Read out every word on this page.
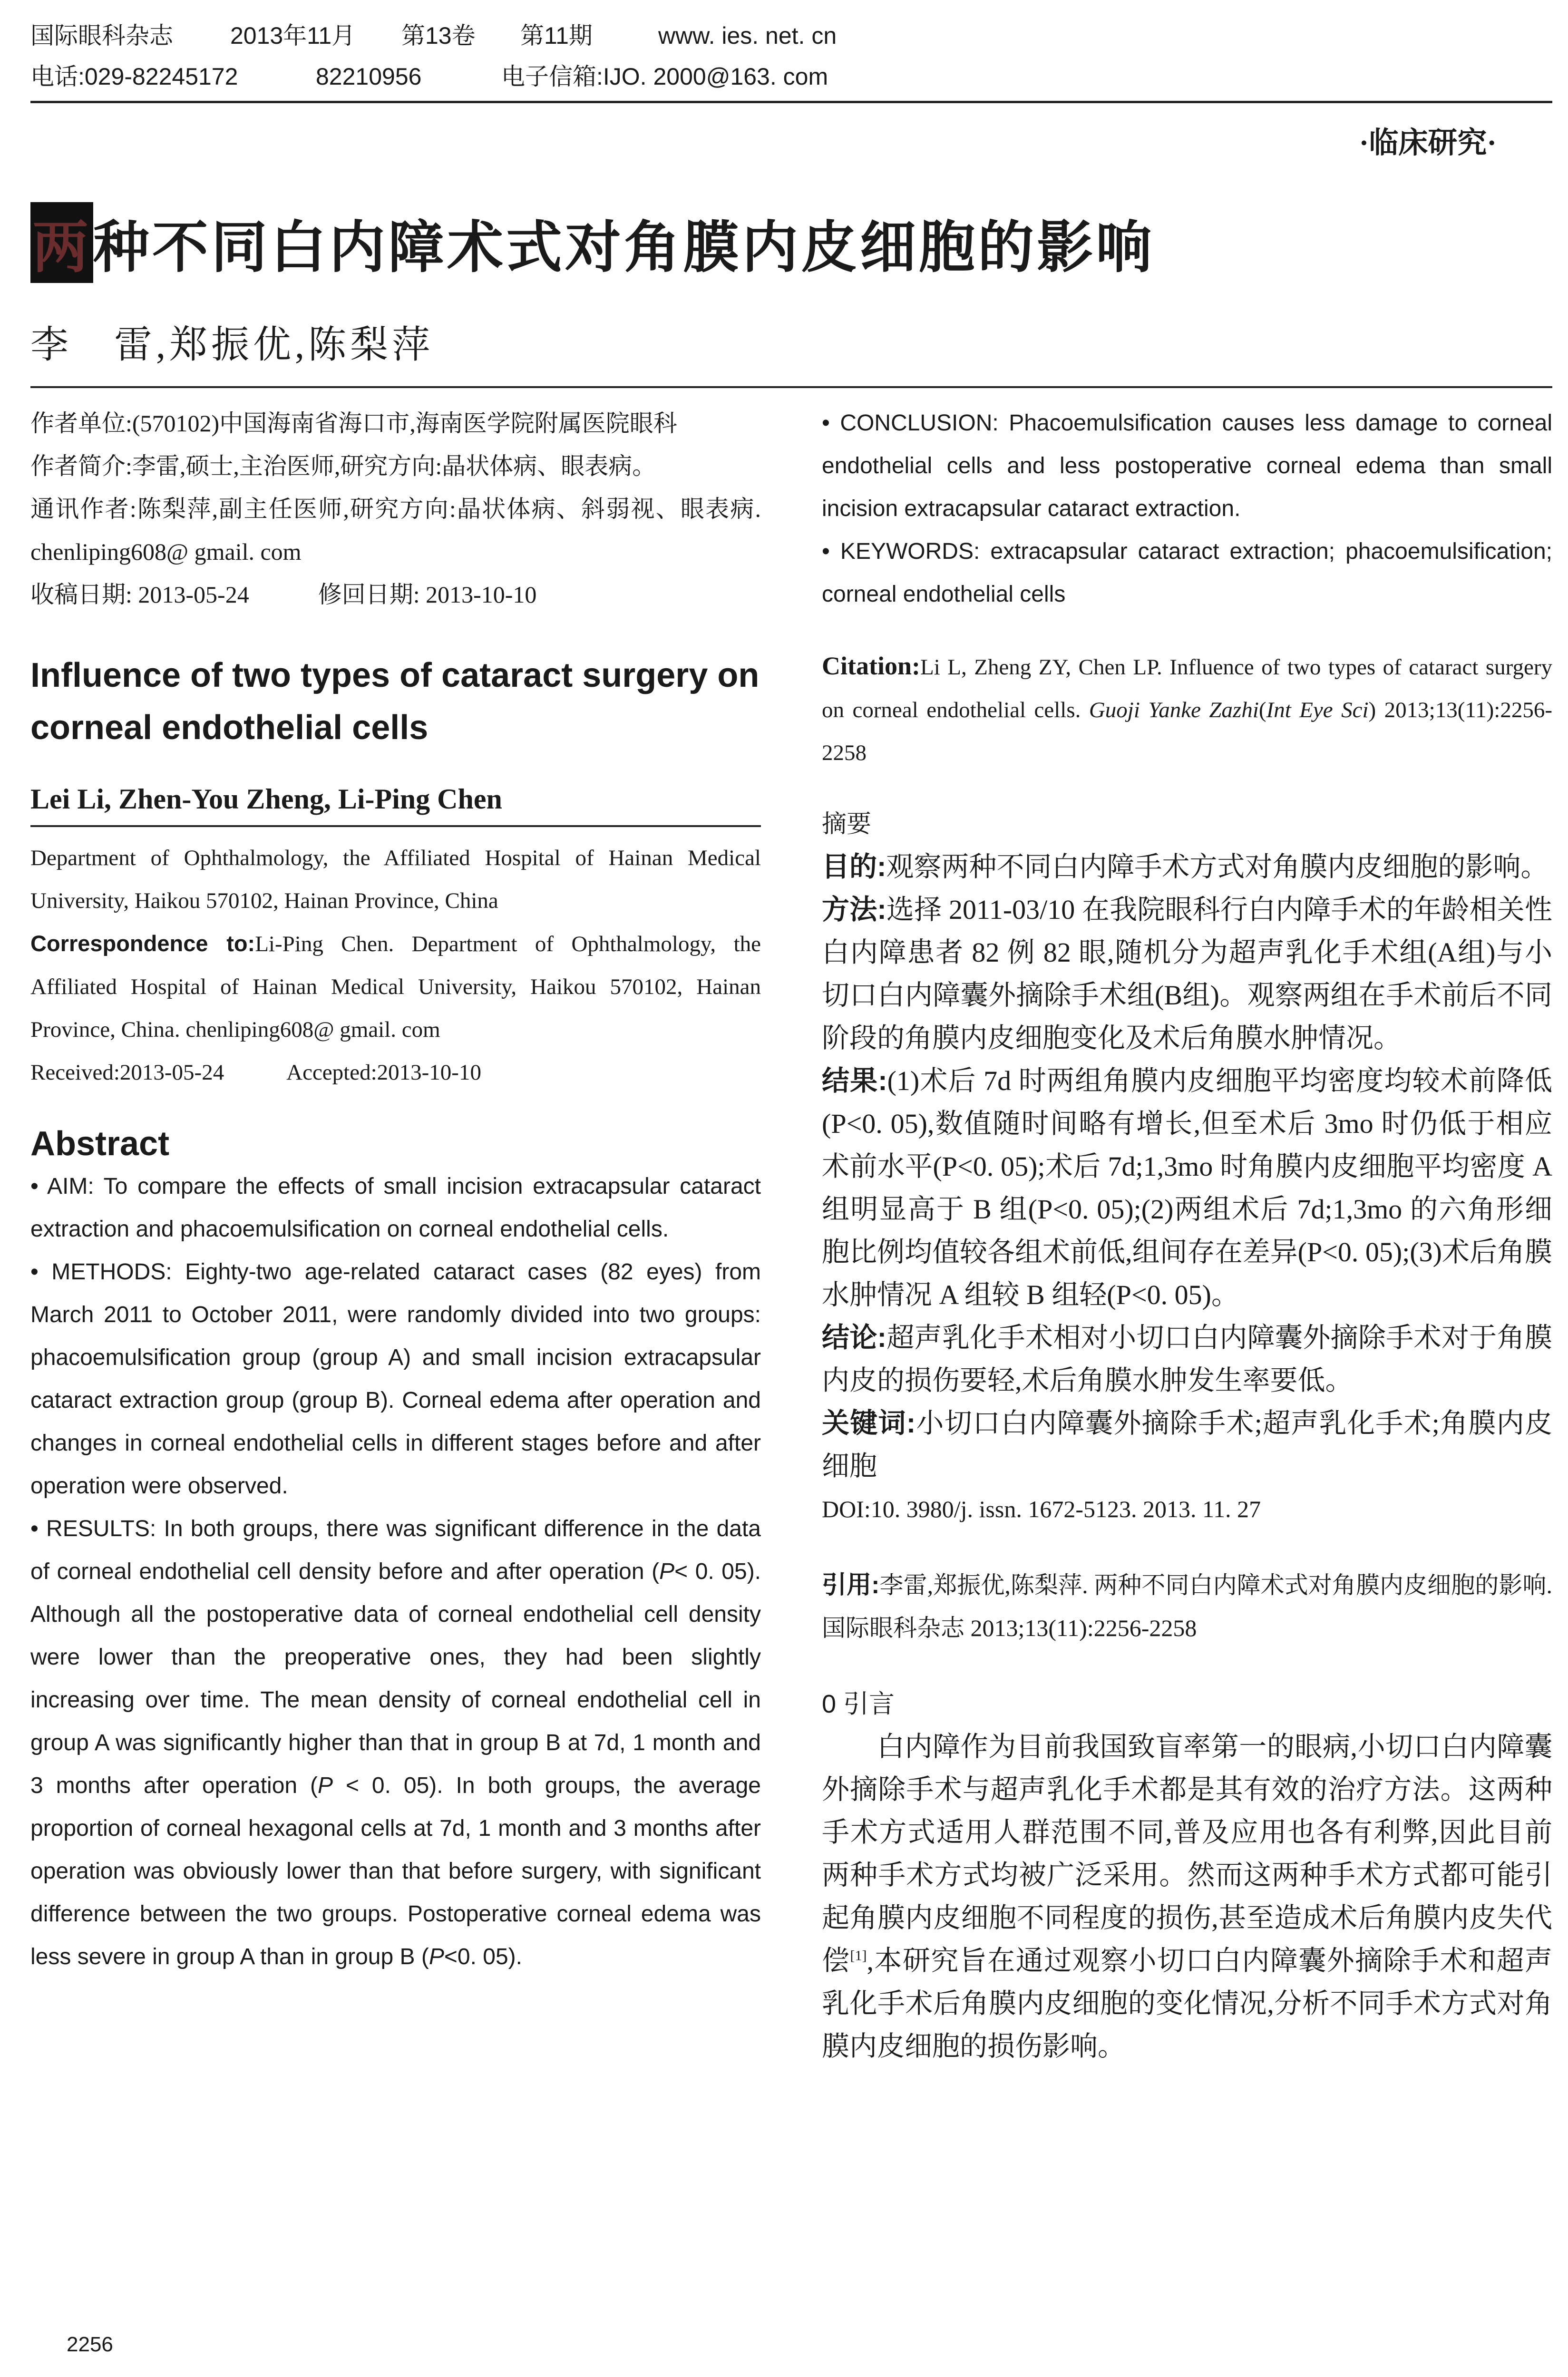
国际眼科杂志 2013年11月 第13卷 第11期	www. ies. net. cn
电话:029-82245172	82210956	电子信箱:IJO. 2000@163. com
·临床研究·
两种不同白内障术式对角膜内皮细胞的影响
李　雷,郑振优,陈梨萍

作者单位:(570102)中国海南省海口市,海南医学院附属医院眼科

作者简介:李雷,硕士,主治医师,研究方向:晶状体病、眼表病。

通讯作者:陈梨萍,副主任医师,研究方向:晶状体病、斜弱视、眼表病. chenliping608@ gmail. com

收稿日期: 2013-05-24	修回日期: 2013-10-10

Influence of two types of cataract surgery on corneal endothelial cells
Lei Li, Zhen-You Zheng, Li-Ping Chen

Department of Ophthalmology, the Affiliated Hospital of Hainan Medical University, Haikou 570102, Hainan Province, China

Correspondence to:Li-Ping Chen. Department of Ophthalmology, the Affiliated Hospital of Hainan Medical University, Haikou 570102, Hainan Province, China. chenliping608@ gmail. com

Received:2013-05-24	Accepted:2013-10-10

Abstract

• AIM: To compare the effects of small incision extracapsular cataract extraction and phacoemulsification on corneal endothelial cells.

• METHODS: Eighty-two age-related cataract cases (82 eyes) from March 2011 to October 2011, were randomly divided into two groups: phacoemulsification group (group A) and small incision extracapsular cataract extraction group (group B). Corneal edema after operation and changes in corneal endothelial cells in different stages before and after operation were observed.

• RESULTS: In both groups, there was significant difference in the data of corneal endothelial cell density before and after operation (P< 0. 05). Although all the postoperative data of corneal endothelial cell density were lower than the preoperative ones, they had been slightly increasing over time. The mean density of corneal endothelial cell in group A was significantly higher than that in group B at 7d, 1 month and 3 months after operation (P < 0. 05). In both groups, the average proportion of corneal hexagonal cells at 7d, 1 month and 3 months after operation was obviously lower than that before surgery, with significant difference between the two groups. Postoperative corneal edema was less severe in group A than in group B (P<0. 05).

• CONCLUSION: Phacoemulsification causes less damage to corneal endothelial cells and less postoperative corneal edema than small incision extracapsular cataract extraction.

• KEYWORDS: extracapsular cataract extraction; phacoemulsification; corneal endothelial cells

Citation:Li L, Zheng ZY, Chen LP. Influence of two types of cataract surgery on corneal endothelial cells. Guoji Yanke Zazhi(Int Eye Sci) 2013;13(11):2256-2258
摘要

目的:观察两种不同白内障手术方式对角膜内皮细胞的影响。

方法:选择 2011-03/10 在我院眼科行白内障手术的年龄相关性白内障患者 82 例 82 眼,随机分为超声乳化手术组(A组)与小切口白内障囊外摘除手术组(B组)。观察两组在手术前后不同阶段的角膜内皮细胞变化及术后角膜水肿情况。

结果:(1)术后 7d 时两组角膜内皮细胞平均密度均较术前降低(P<0. 05),数值随时间略有增长,但至术后 3mo 时仍低于相应术前水平(P<0. 05);术后 7d;1,3mo 时角膜内皮细胞平均密度 A 组明显高于 B 组(P<0. 05);(2)两组术后 7d;1,3mo 的六角形细胞比例均值较各组术前低,组间存在差异(P<0. 05);(3)术后角膜水肿情况 A 组较 B 组轻(P<0. 05)。

结论:超声乳化手术相对小切口白内障囊外摘除手术对于角膜内皮的损伤要轻,术后角膜水肿发生率要低。

关键词:小切口白内障囊外摘除手术;超声乳化手术;角膜内皮细胞

DOI:10. 3980/j. issn. 1672-5123. 2013. 11. 27

引用:李雷,郑振优,陈梨萍. 两种不同白内障术式对角膜内皮细胞的影响. 国际眼科杂志 2013;13(11):2256-2258
0 引言
白内障作为目前我国致盲率第一的眼病,小切口白内障囊外摘除手术与超声乳化手术都是其有效的治疗方法。这两种手术方式适用人群范围不同,普及应用也各有利弊,因此目前两种手术方式均被广泛采用。然而这两种手术方式都可能引起角膜内皮细胞不同程度的损伤,甚至造成术后角膜内皮失代偿[1],本研究旨在通过观察小切口白内障囊外摘除手术和超声乳化手术后角膜内皮细胞的变化情况,分析不同手术方式对角膜内皮细胞的损伤影响。
2256
